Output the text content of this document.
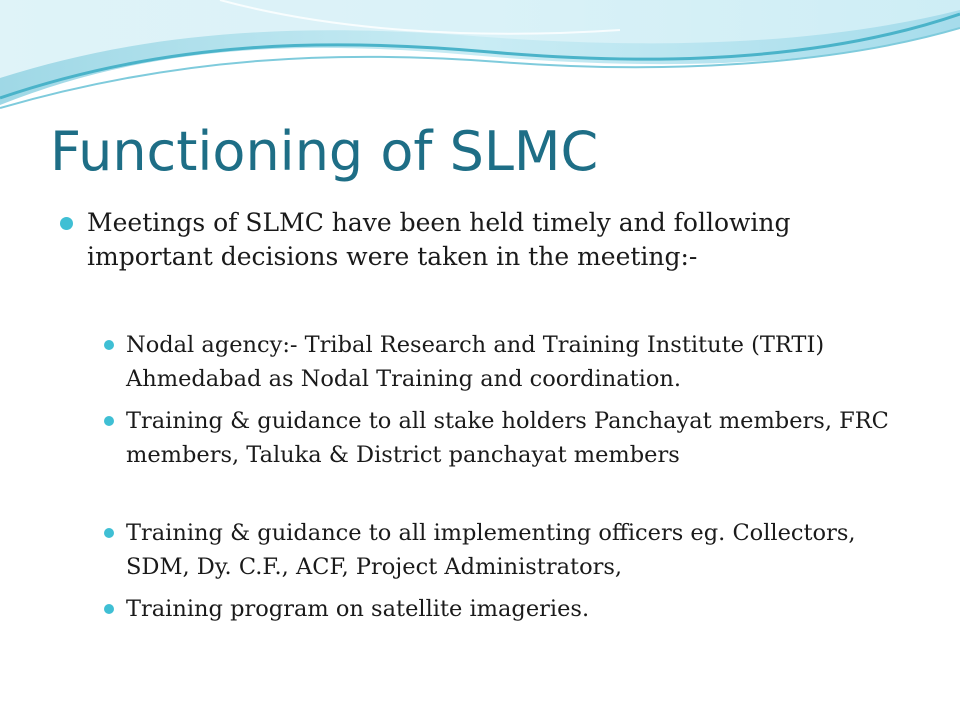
Functioning of SLMC
Meetings of SLMC have been held timely and following important decisions were taken in the meeting:-
Nodal agency:- Tribal Research and Training Institute (TRTI) Ahmedabad as Nodal Training and coordination.
Training & guidance to all stake holders Panchayat members, FRC members, Taluka & District panchayat members
Training & guidance to all implementing officers eg. Collectors, SDM, Dy. C.F., ACF, Project Administrators,
Training program on satellite imageries.
